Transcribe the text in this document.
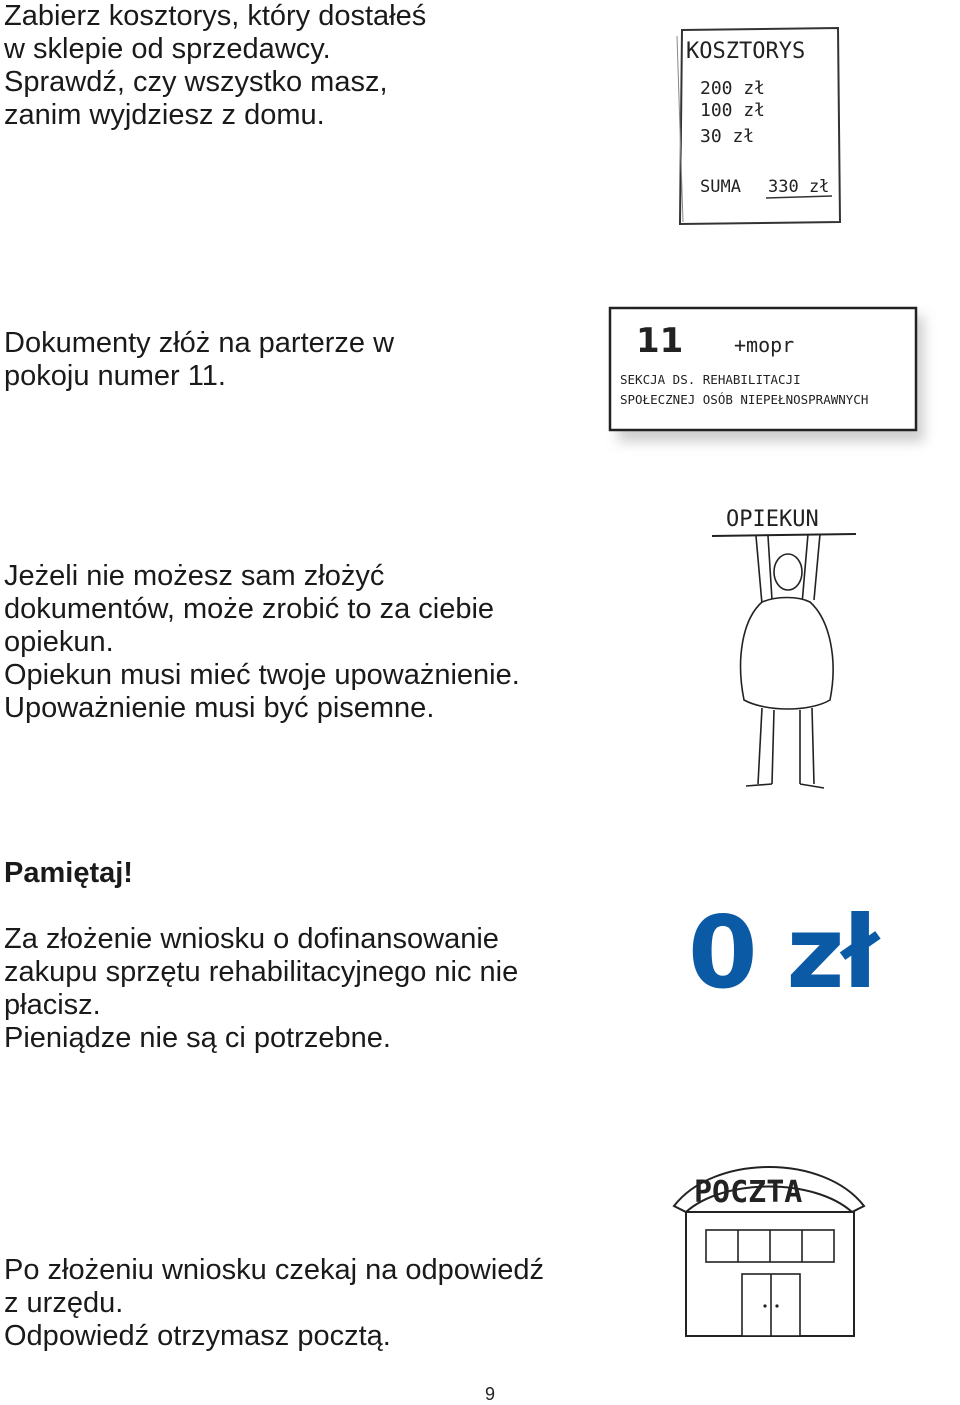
Zabierz kosztorys, który dostałeś
w sklepie od sprzedawcy.
Sprawdź, czy wszystko masz,
zanim wyjdziesz z domu.

KOSZTORYS
200 zł
100 zł
30 zł
SUMA 330 zł

Dokumenty złóż na parterze w
pokoju numer 11.

11	+mopr
SEKCJA DS. REHABILITACJI
SPOŁECZNEJ OSÓB NIEPEŁNOSPRAWNYCH

Jeżeli nie możesz sam złożyć
dokumentów, może zrobić to za ciebie
opiekun.
Opiekun musi mieć twoje upoważnienie.
Upoważnienie musi być pisemne.

OPIEKUN

Pamiętaj!

Za złożenie wniosku o dofinansowanie
zakupu sprzętu rehabilitacyjnego nic nie
płacisz.
Pieniądze nie są ci potrzebne.

0 zł

Po złożeniu wniosku czekaj na odpowiedź
z urzędu.
Odpowiedź otrzymasz pocztą.

POCZTA
9
